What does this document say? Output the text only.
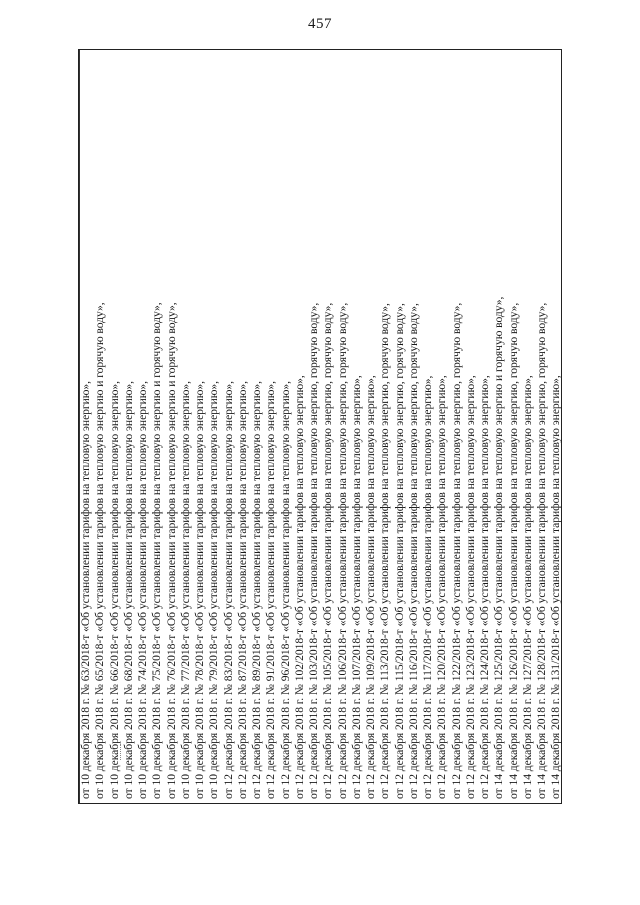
457
от 10 декабря 2018 г. № 63/2018-т «Об установлении тарифов на тепловую энергию», от 10 декабря 2018 г. № 65/2018-т «Об установлении тарифов на тепловую энергию и горячую воду», от 10 декабря 2018 г. № 66/2018-т «Об установлении тарифов на тепловую энергию», от 10 декабря 2018 г. № 68/2018-т «Об установлении тарифов на тепловую энергию», от 10 декабря 2018 г. № 74/2018-т «Об установлении тарифов на тепловую энергию», от 10 декабря 2018 г. № 75/2018-т «Об установлении тарифов на тепловую энергию и горячую воду», от 10 декабря 2018 г. № 76/2018-т «Об установлении тарифов на тепловую энергию и горячую воду», от 10 декабря 2018 г. № 77/2018-т «Об установлении тарифов на тепловую энергию», от 10 декабря 2018 г. № 78/2018-т «Об установлении тарифов на тепловую энергию», от 10 декабря 2018 г. № 79/2018-т «Об установлении тарифов на тепловую энергию», от 12 декабря 2018 г. № 83/2018-т «Об установлении тарифов на тепловую энергию», от 12 декабря 2018 г. № 87/2018-т «Об установлении тарифов на тепловую энергию», от 12 декабря 2018 г. № 89/2018-т «Об установлении тарифов на тепловую энергию», от 12 декабря 2018 г. № 91/2018-т «Об установлении тарифов на тепловую энергию», от 12 декабря 2018 г. № 96/2018-т «Об установлении тарифов на тепловую энергию», от 12 декабря 2018 г. № 102/2018-т «Об установлении тарифов на тепловую энергию», от 12 декабря 2018 г. № 103/2018-т «Об установлении тарифов на тепловую энергию, горячую воду», от 12 декабря 2018 г. № 105/2018-т «Об установлении тарифов на тепловую энергию, горячую воду», от 12 декабря 2018 г. № 106/2018-т «Об установлении тарифов на тепловую энергию, горячую воду», от 12 декабря 2018 г. № 107/2018-т «Об установлении тарифов на тепловую энергию», от 12 декабря 2018 г. № 109/2018-т «Об установлении тарифов на тепловую энергию», от 12 декабря 2018 г. № 113/2018-т «Об установлении тарифов на тепловую энергию, горячую воду», от 12 декабря 2018 г. № 115/2018-т «Об установлении тарифов на тепловую энергию, горячую воду», от 12 декабря 2018 г. № 116/2018-т «Об установлении тарифов на тепловую энергию, горячую воду», от 12 декабря 2018 г. № 117/2018-т «Об установлении тарифов на тепловую энергию», от 12 декабря 2018 г. № 120/2018-т «Об установлении тарифов на тепловую энергию», от 12 декабря 2018 г. № 122/2018-т «Об установлении тарифов на тепловую энергию, горячую воду», от 12 декабря 2018 г. № 123/2018-т «Об установлении тарифов на тепловую энергию», от 12 декабря 2018 г. № 124/2018-т «Об установлении тарифов на тепловую энергию», от 14 декабря 2018 г. № 125/2018-т «Об установлении тарифов на тепловую энергию и горячую воду», от 14 декабря 2018 г. № 126/2018-т «Об установлении тарифов на тепловую энергию, горячую воду», от 14 декабря 2018 г. № 127/2018-т «Об установлении тарифов на тепловую энергию», от 14 декабря 2018 г. № 128/2018-т «Об установлении тарифов на тепловую энергию, горячую воду», от 14 декабря 2018 г. № 131/2018-т «Об установлении тарифов на тепловую энергию»,
